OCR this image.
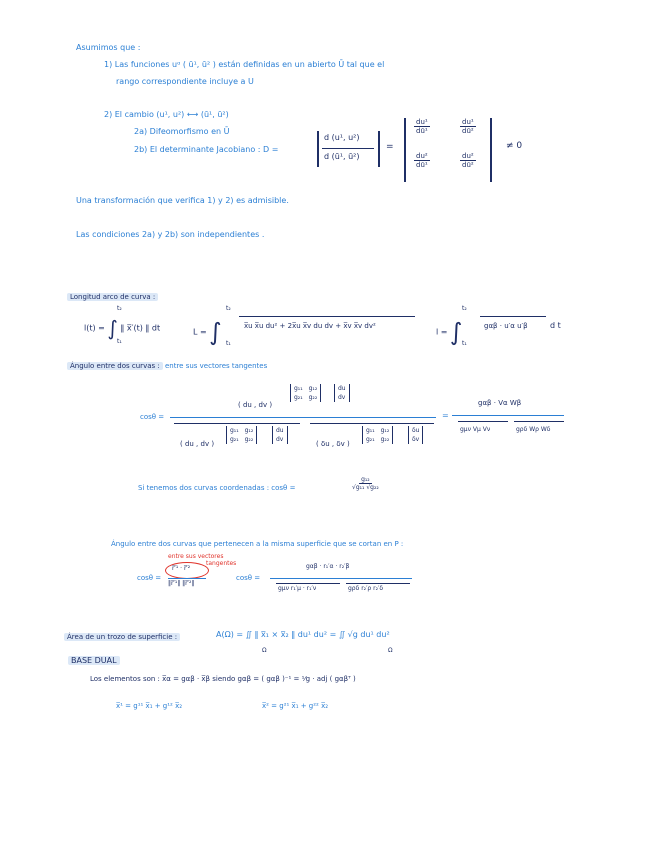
Asumimos que :
1) Las funciones uᵅ ( ū¹, ū² ) están definidas en un abierto Ū tal que el
rango correspondiente incluye a U
2) El cambio (u¹, u²) ⟷ (ū¹, ū²)
2a) Difeomorfismo en Ū
2b) El determinante Jacobiano : D =
d (u¹, u²)
d (ū¹, ū²)
=
$\frac{\text{du¹}}{\text{dū¹}}$	$\frac{\text{du¹}}{\text{dū²}}$
$\frac{\text{du²}}{\text{dū¹}}$	$\frac{\text{du²}}{\text{dū²}}$
≠ 0
Una transformación que verifica 1) y 2) es admisible.
Las condiciones 2a) y 2b) son independientes .
Longitud arco de curva :
l(t) = ∫ ‖ x̅′(t) ‖ dt
t₂
t₁
L = ∫
t₂
t₁
x̅u x̅u du² + 2x̅u x̅v du dv + x̅v x̅v dv²
l = ∫
t₂
t₁
gαβ · u′α u′β	d t
Ángulo entre dos curvas : entre sus vectores tangentes
cosθ =
( du , dv )
g₁₁	g₁₂
g₂₁	g₂₂
du
dv
( du , dv )
g₁₁	g₁₂
g₂₁	g₂₂
du
dv
( δu , δv )
g₁₁	g₁₂
g₂₁	g₂₂
δu
δv
=
gαβ · Vα Wβ
gμν Vμ Vν	gρδ Wρ Wδ
Si tenemos dos curvas coordenadas : cosθ =	$\frac{\text{g₁₂}}{\text{√g₁₁ √g₂₂}}$
Ángulo entre dos curvas que pertenecen a la misma superficie que se cortan en P :
entre sus vectores
tangentes
cosθ =
r̅′¹ · r̅′²
‖r̅′¹‖ ‖r̅′²‖
cosθ =
gαβ · r₁′α · r₂′β
gμν r₁′μ · r₁′ν	gρδ r₂′ρ r₂′δ
Área de un trozo de superficie :	A(Ω) = ∬ ‖ x̅₁ × x̅₂ ‖ du¹ du² = ∬ √g du¹ du²
Ω	Ω
BASE DUAL
Los elementos son : x̅α = gαβ · x̅β siendo gαβ = ( gαβ )⁻¹ = ¹⁄g · adj ( gαβᵀ )
x̅¹ = g¹¹ x̅₁ + g¹² x̅₂	x̅² = g²¹ x̅₁ + g²² x̅₂
